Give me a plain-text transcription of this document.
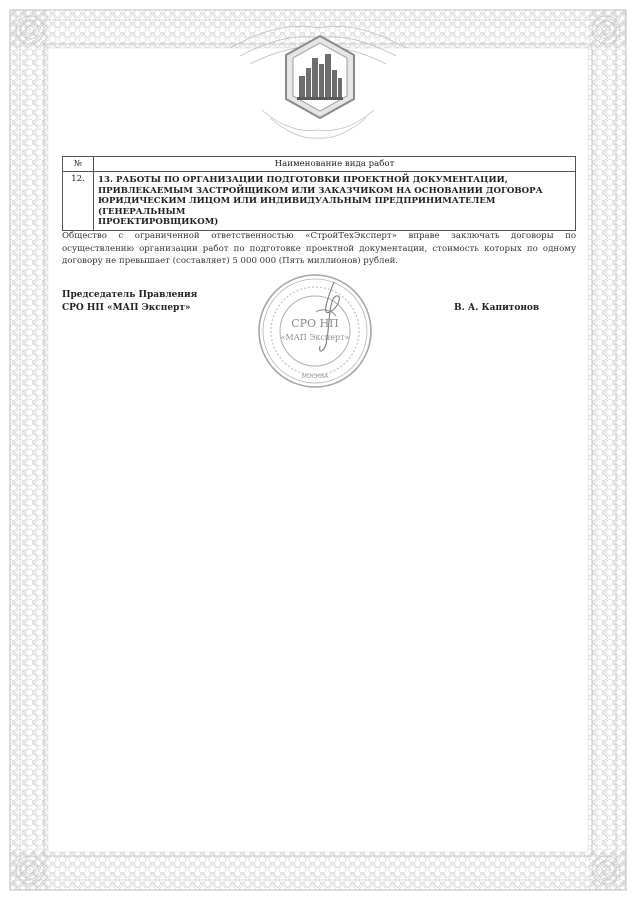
№	Наименование вида работ
12.	13. РАБОТЫ ПО ОРГАНИЗАЦИИ ПОДГОТОВКИ ПРОЕКТНОЙ ДОКУМЕНТАЦИИ,
ПРИВЛЕКАЕМЫМ ЗАСТРОЙЩИКОМ ИЛИ ЗАКАЗЧИКОМ НА ОСНОВАНИИ ДОГОВОРА
ЮРИДИЧЕСКИМ ЛИЦОМ ИЛИ ИНДИВИДУАЛЬНЫМ ПРЕДПРИНИМАТЕЛЕМ (ГЕНЕРАЛЬНЫМ
ПРОЕКТИРОВЩИКОМ)
Общество с ограниченной ответственностью «СтройТехЭксперт» вправе заключать договоры по осуществлению организации работ по подготовке проектной документации, стоимость которых по одному договору не превышает (составляет) 5 000 000 (Пять миллионов) рублей.
Председатель Правления
СРО НП «МАП Эксперт»	В. А. Капитонов
СРО НП
«МАП Эксперт»
МОСКВА
